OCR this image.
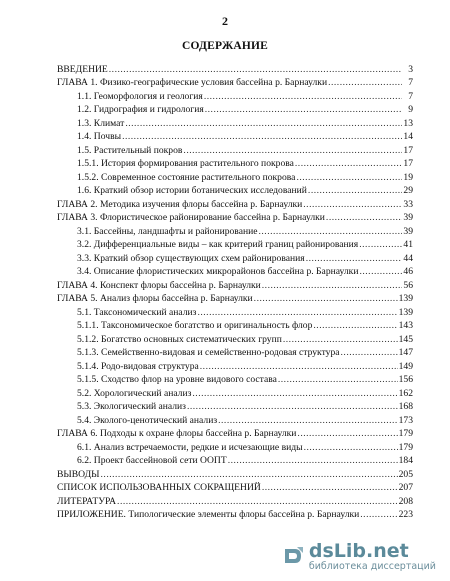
2
СОДЕРЖАНИЕ
ВВЕДЕНИЕ .....	3
ГЛАВА 1. Физико-географические условия бассейна р. Барнаулки .....	7
1.1. Геоморфология и геология .....	7
1.2. Гидрография и гидрология .....	9
1.3. Климат .....	13
1.4. Почвы .....	14
1.5. Растительный покров .....	17
1.5.1. История формирования растительного покрова .....	17
1.5.2. Современное состояние растительного покрова .....	19
1.6. Краткий обзор истории ботанических исследований .....	29
ГЛАВА 2. Методика изучения флоры бассейна р. Барнаулки .....	33
ГЛАВА 3. Флористическое районирование бассейна р. Барнаулки .....	39
3.1. Бассейны, ландшафты и районирование .....	39
3.2. Дифференциальные виды – как критерий границ районирования .....	41
3.3. Краткий обзор существующих схем районирования .....	44
3.4. Описание флористических микрорайонов бассейна р. Барнаулки .....	46
ГЛАВА 4. Конспект флоры бассейна р. Барнаулки .....	56
ГЛАВА 5. Анализ флоры бассейна р. Барнаулки .....	139
5.1. Таксономический анализ .....	139
5.1.1. Таксономическое богатство и оригинальность флор .....	143
5.1.2. Богатство основных систематических групп .....	145
5.1.3. Семейственно-видовая и семейственно-родовая структура .....	147
5.1.4. Родо-видовая структура .....	149
5.1.5. Сходство флор на уровне видового состава .....	156
5.2. Хорологический анализ .....	162
5.3. Экологический анализ .....	168
5.4. Эколого-ценотический анализ .....	173
ГЛАВА 6. Подходы к охране флоры бассейна р. Барнаулки .....	179
6.1. Анализ встречаемости, редкие и исчезающие виды .....	179
6.2. Проект бассейновой сети ООПТ .....	184
ВЫВОДЫ .....	205
СПИСОК ИСПОЛЬЗОВАННЫХ СОКРАЩЕНИЙ .....	207
ЛИТЕРАТУРА .....	208
ПРИЛОЖЕНИЕ. Типологические элементы флоры бассейна р. Барнаулки .....	223
dsLib.net
библиотека диссертаций
